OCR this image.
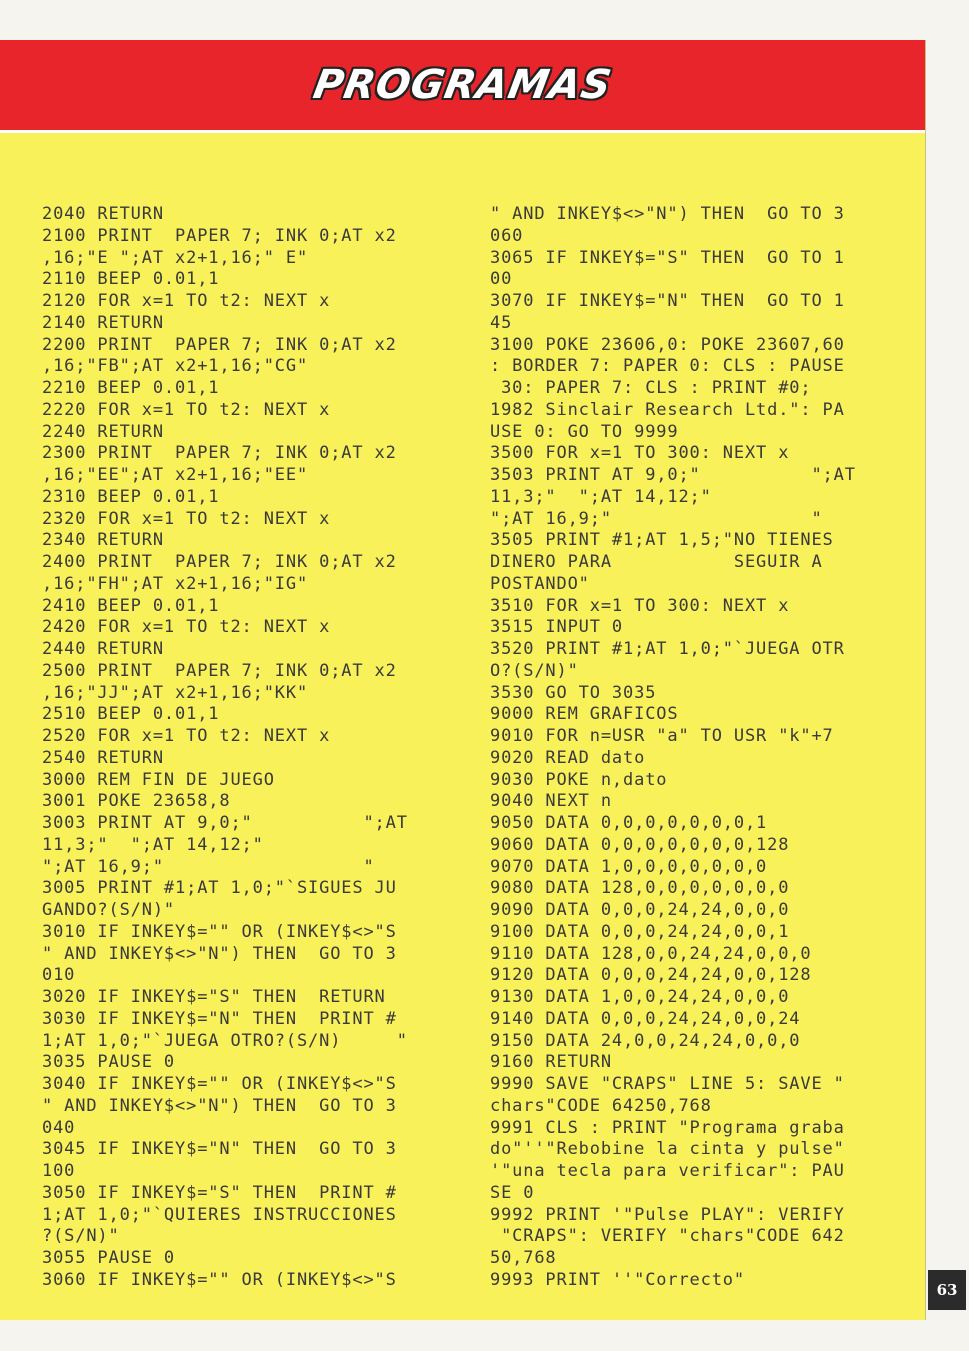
PROGRAMAS
2040 RETURN
2100 PRINT  PAPER 7; INK 0;AT x2
,16;"E ";AT x2+1,16;" E"
2110 BEEP 0.01,1
2120 FOR x=1 TO t2: NEXT x
2140 RETURN
2200 PRINT  PAPER 7; INK 0;AT x2
,16;"FB";AT x2+1,16;"CG"
2210 BEEP 0.01,1
2220 FOR x=1 TO t2: NEXT x
2240 RETURN
2300 PRINT  PAPER 7; INK 0;AT x2
,16;"EE";AT x2+1,16;"EE"
2310 BEEP 0.01,1
2320 FOR x=1 TO t2: NEXT x
2340 RETURN
2400 PRINT  PAPER 7; INK 0;AT x2
,16;"FH";AT x2+1,16;"IG"
2410 BEEP 0.01,1
2420 FOR x=1 TO t2: NEXT x
2440 RETURN
2500 PRINT  PAPER 7; INK 0;AT x2
,16;"JJ";AT x2+1,16;"KK"
2510 BEEP 0.01,1
2520 FOR x=1 TO t2: NEXT x
2540 RETURN
3000 REM FIN DE JUEGO
3001 POKE 23658,8
3003 PRINT AT 9,0;"          ";AT
11,3;"  ";AT 14,12;"
";AT 16,9;"                  "
3005 PRINT #1;AT 1,0;"`SIGUES JU
GANDO?(S/N)"
3010 IF INKEY$="" OR (INKEY$<>"S
" AND INKEY$<>"N") THEN  GO TO 3
010
3020 IF INKEY$="S" THEN  RETURN
3030 IF INKEY$="N" THEN  PRINT #
1;AT 1,0;"`JUEGA OTRO?(S/N)     "
3035 PAUSE 0
3040 IF INKEY$="" OR (INKEY$<>"S
" AND INKEY$<>"N") THEN  GO TO 3
040
3045 IF INKEY$="N" THEN  GO TO 3
100
3050 IF INKEY$="S" THEN  PRINT #
1;AT 1,0;"`QUIERES INSTRUCCIONES
?(S/N)"
3055 PAUSE 0
3060 IF INKEY$="" OR (INKEY$<>"S
" AND INKEY$<>"N") THEN  GO TO 3
060
3065 IF INKEY$="S" THEN  GO TO 1
00
3070 IF INKEY$="N" THEN  GO TO 1
45
3100 POKE 23606,0: POKE 23607,60
: BORDER 7: PAPER 0: CLS : PAUSE
30: PAPER 7: CLS : PRINT #0;
1982 Sinclair Research Ltd.": PA
USE 0: GO TO 9999
3500 FOR x=1 TO 300: NEXT x
3503 PRINT AT 9,0;"          ";AT
11,3;"  ";AT 14,12;"
";AT 16,9;"                  "
3505 PRINT #1;AT 1,5;"NO TIENES
DINERO PARA           SEGUIR A
POSTANDO"
3510 FOR x=1 TO 300: NEXT x
3515 INPUT 0
3520 PRINT #1;AT 1,0;"`JUEGA OTR
O?(S/N)"
3530 GO TO 3035
9000 REM GRAFICOS
9010 FOR n=USR "a" TO USR "k"+7
9020 READ dato
9030 POKE n,dato
9040 NEXT n
9050 DATA 0,0,0,0,0,0,0,1
9060 DATA 0,0,0,0,0,0,0,128
9070 DATA 1,0,0,0,0,0,0,0
9080 DATA 128,0,0,0,0,0,0,0
9090 DATA 0,0,0,24,24,0,0,0
9100 DATA 0,0,0,24,24,0,0,1
9110 DATA 128,0,0,24,24,0,0,0
9120 DATA 0,0,0,24,24,0,0,128
9130 DATA 1,0,0,24,24,0,0,0
9140 DATA 0,0,0,24,24,0,0,24
9150 DATA 24,0,0,24,24,0,0,0
9160 RETURN
9990 SAVE "CRAPS" LINE 5: SAVE "
chars"CODE 64250,768
9991 CLS : PRINT "Programa graba
do"''"Rebobine la cinta y pulse"
'"una tecla para verificar": PAU
SE 0
9992 PRINT '"Pulse PLAY": VERIFY
"CRAPS": VERIFY "chars"CODE 642
50,768
9993 PRINT ''"Correcto"
63
